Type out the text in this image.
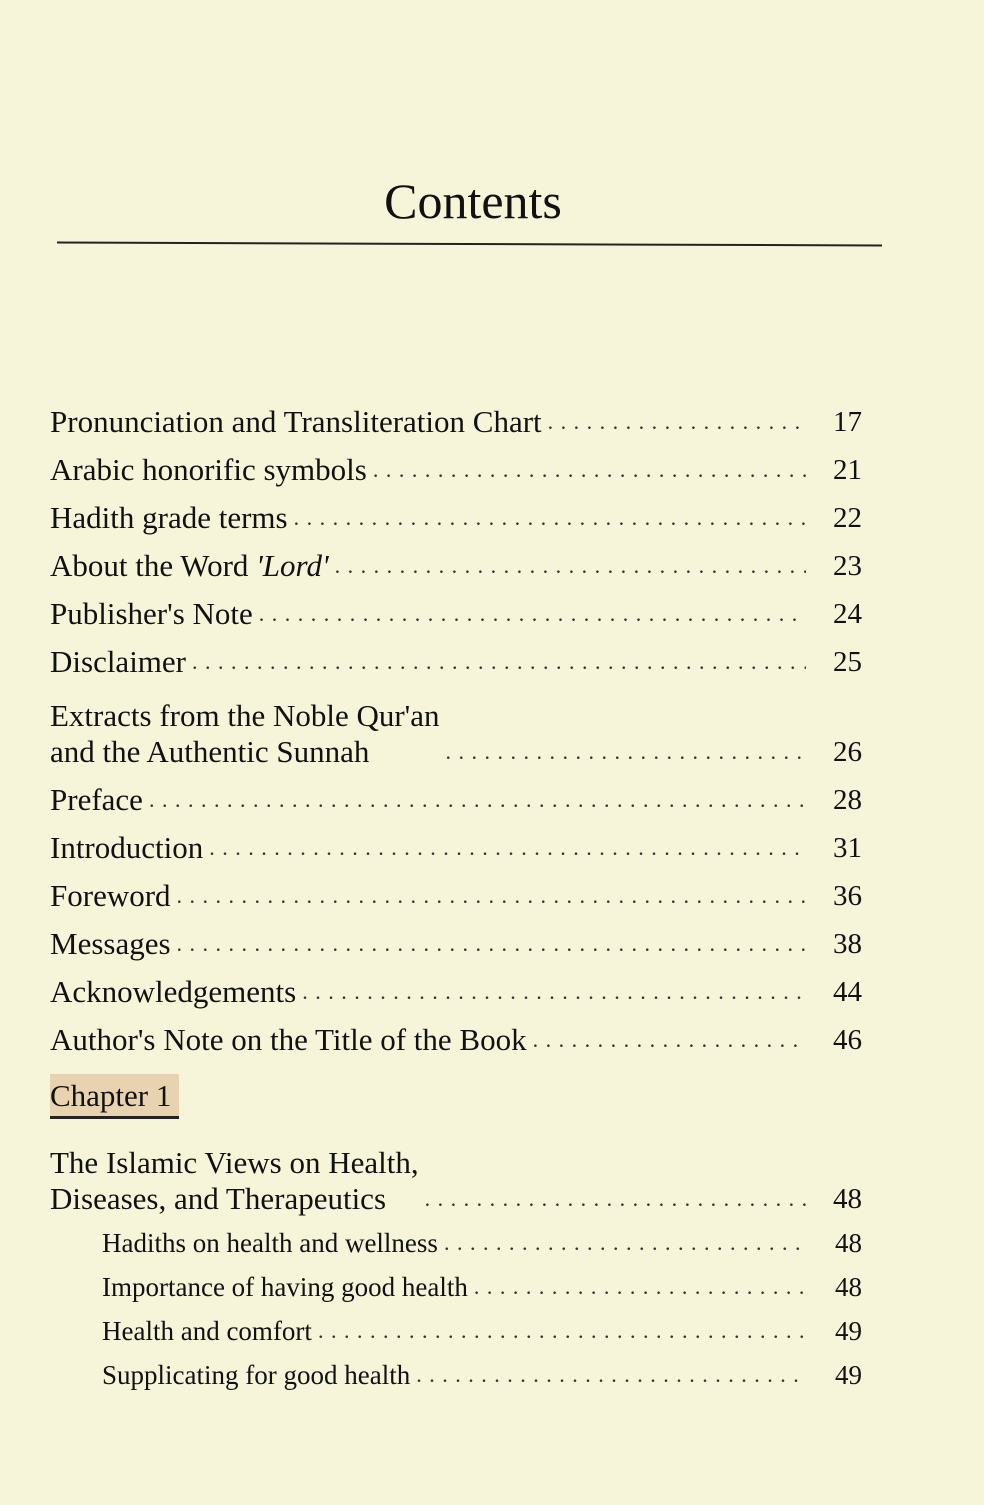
Contents
Pronunciation and Transliteration Chart . . .	17
Arabic honorific symbols . . .	21
Hadith grade terms . . .	22
About the Word 'Lord' . . .	23
Publisher's Note . . .	24
Disclaimer . . .	25
Extracts from the Noble Qur'an
and the Authentic Sunnah . . .	26
Preface . . .	28
Introduction . . .	31
Foreword . . .	36
Messages . . .	38
Acknowledgements . . .	44
Author's Note on the Title of the Book . . .	46
Chapter 1
The Islamic Views on Health,
Diseases, and Therapeutics . . .	48
Hadiths on health and wellness . . .	48
Importance of having good health . . .	48
Health and comfort . . .	49
Supplicating for good health . . .	49
